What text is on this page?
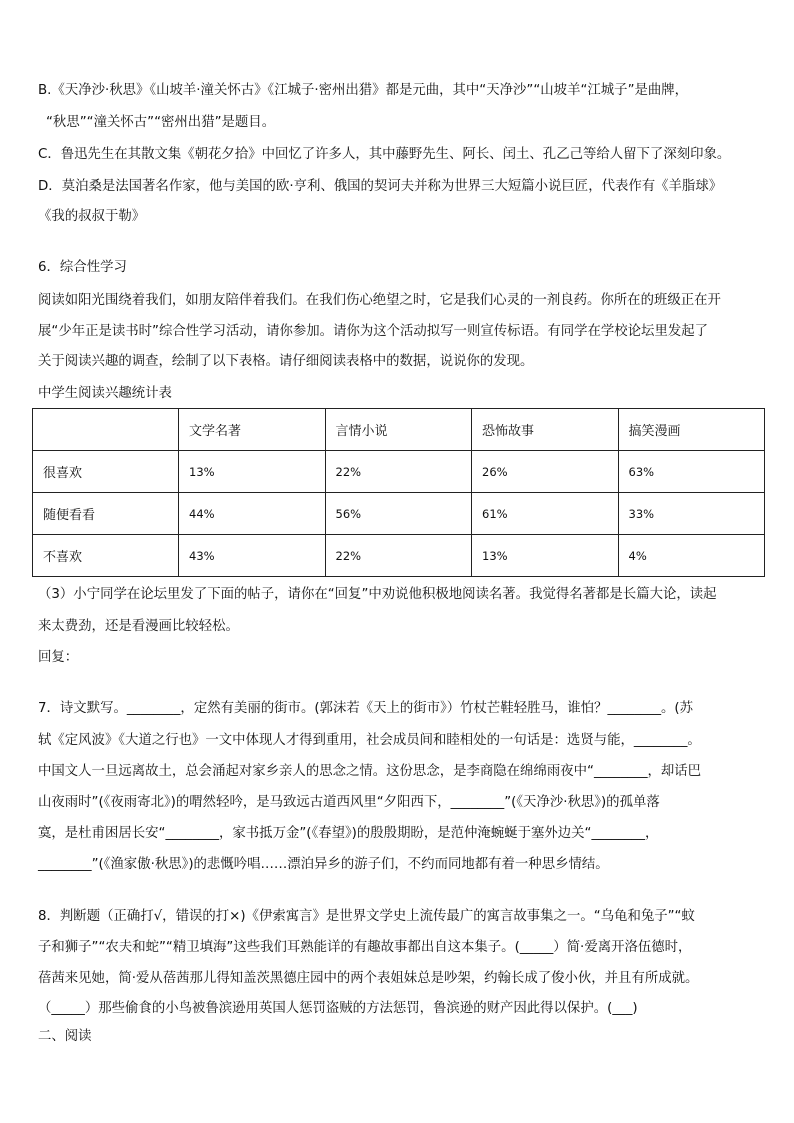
B.《天净沙·秋思》《山坡羊·潼关怀古》《江城子·密州出猎》都是元曲，其中“天净沙”“山坡羊“江城子”是曲牌，
“秋思”“潼关怀古”“密州出猎”是题目。
C．鲁迅先生在其散文集《朝花夕拾》中回忆了许多人，其中藤野先生、阿长、闰土、孔乙己等给人留下了深刻印象。
D．莫泊桑是法国著名作家，他与美国的欧·亨利、俄国的契诃夫并称为世界三大短篇小说巨匠，代表作有《羊脂球》
《我的叔叔于勒》
6．综合性学习
阅读如阳光围绕着我们，如朋友陪伴着我们。在我们伤心绝望之时，它是我们心灵的一剂良药。你所在的班级正在开
展“少年正是读书时”综合性学习活动，请你参加。请你为这个活动拟写一则宣传标语。有同学在学校论坛里发起了
关于阅读兴趣的调查，绘制了以下表格。请仔细阅读表格中的数据，说说你的发现。
中学生阅读兴趣统计表
	文学名著	言情小说	恐怖故事	搞笑漫画
很喜欢	13%	22%	26%	63%
随便看看	44%	56%	61%	33%
不喜欢	43%	22%	13%	4%
（3）小宁同学在论坛里发了下面的帖子，请你在“回复”中劝说他积极地阅读名著。我觉得名著都是长篇大论，读起
来太费劲，还是看漫画比较轻松。
回复：
7．诗文默写。________，定然有美丽的街市。(郭沫若《天上的街市》）竹杖芒鞋轻胜马，谁怕？________。(苏
轼《定风波》《大道之行也》一文中体现人才得到重用，社会成员间和睦相处的一句话是：选贤与能，________。
中国文人一旦远离故土，总会涌起对家乡亲人的思念之情。这份思念，是李商隐在绵绵雨夜中“________，却话巴
山夜雨时”(《夜雨寄北》)的喟然轻吟，是马致远古道西风里“夕阳西下，________”(《天净沙·秋思》)的孤单落
寞，是杜甫困居长安“________，家书抵万金”(《春望》)的殷殷期盼，是范仲淹蜿蜒于塞外边关“________，
________”(《渔家傲·秋思》)的悲慨吟唱……漂泊异乡的游子们，不约而同地都有着一种思乡情结。
8．判断题（正确打√，错误的打×)《伊索寓言》是世界文学史上流传最广的寓言故事集之一。“乌龟和兔子”“蚊
子和狮子”“农夫和蛇”“精卫填海”这些我们耳熟能详的有趣故事都出自这本集子。(_____）简·爱离开洛伍德时，
蓓茜来见她，简·爱从蓓茜那儿得知盖茨黑德庄园中的两个表姐妹总是吵架，约翰长成了俊小伙，并且有所成就。
（_____）那些偷食的小鸟被鲁滨逊用英国人惩罚盗贼的方法惩罚，鲁滨逊的财产因此得以保护。(___)
二、阅读
